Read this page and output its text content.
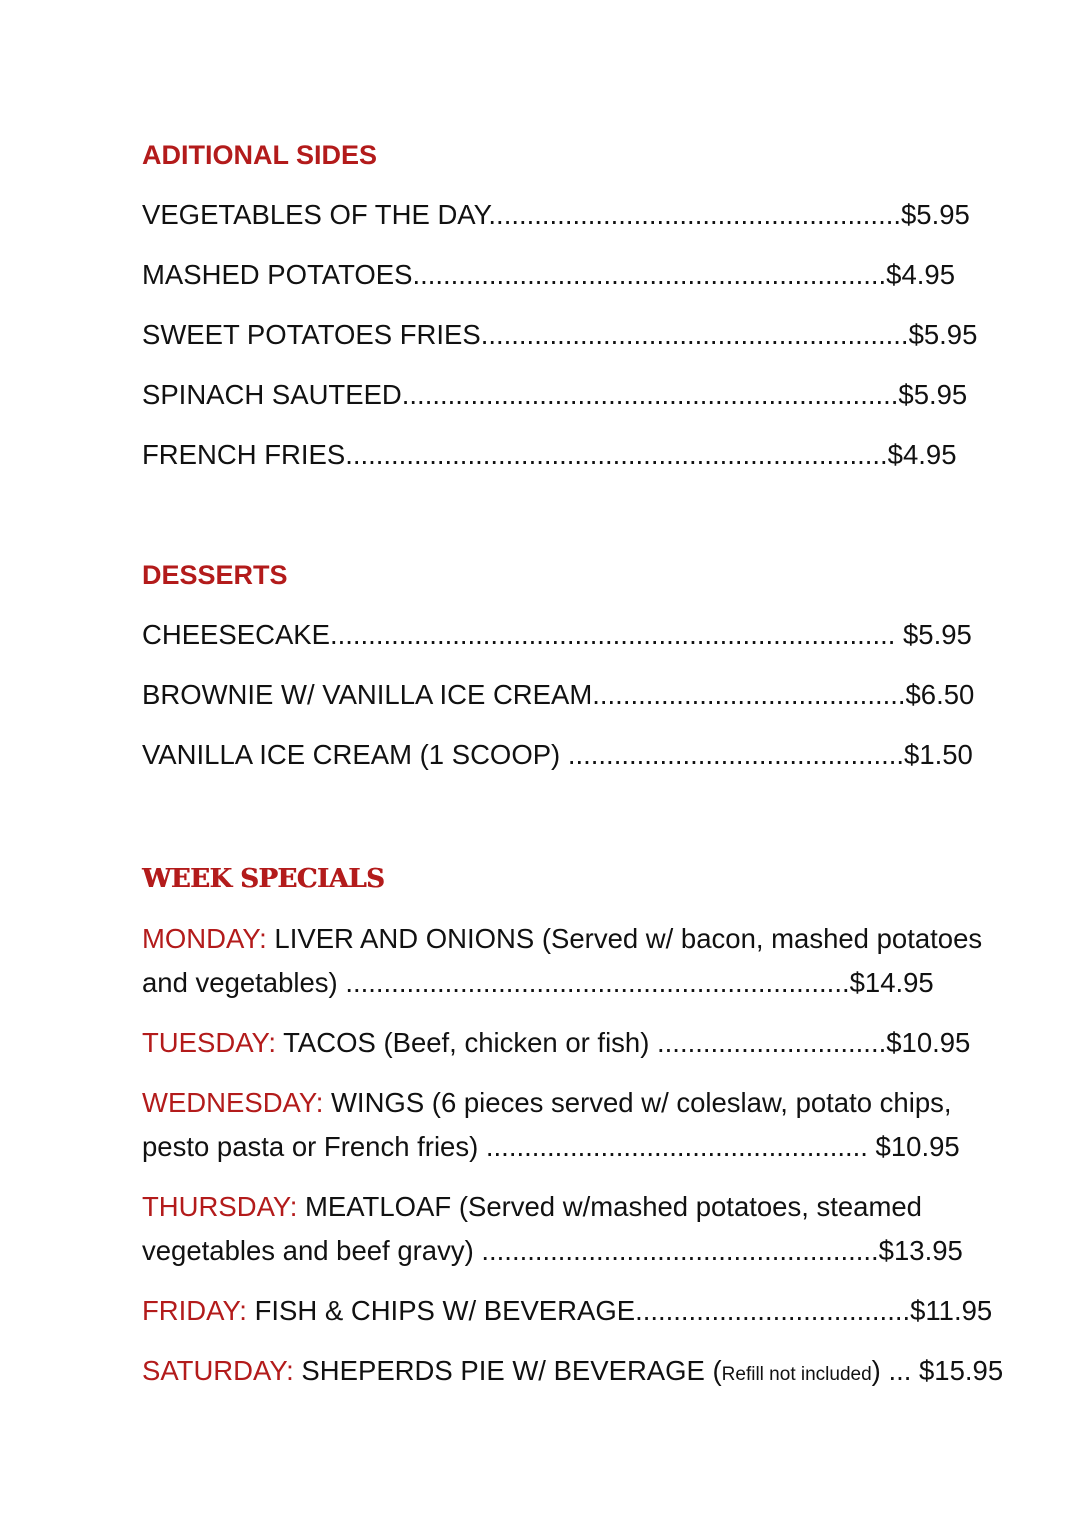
ADITIONAL SIDES

VEGETABLES OF THE DAY......................................................$5.95

MASHED POTATOES..............................................................$4.95

SWEET POTATOES FRIES........................................................$5.95

SPINACH SAUTEED.................................................................$5.95

FRENCH FRIES.......................................................................$4.95

DESSERTS

CHEESECAKE.......................................................................... $5.95

BROWNIE W/ VANILLA ICE CREAM.........................................$6.50

VANILLA ICE CREAM (1 SCOOP) ............................................$1.50

WEEK SPECIALS

MONDAY: LIVER AND ONIONS (Served w/ bacon, mashed potatoes

and vegetables) ..................................................................$14.95

TUESDAY: TACOS (Beef, chicken or fish) ..............................$10.95

WEDNESDAY: WINGS (6 pieces served w/ coleslaw, potato chips,

pesto pasta or French fries) .................................................. $10.95

THURSDAY: MEATLOAF (Served w/mashed potatoes, steamed

vegetables and beef gravy) ....................................................$13.95

FRIDAY: FISH & CHIPS W/ BEVERAGE....................................$11.95

SATURDAY: SHEPERDS PIE W/ BEVERAGE (Refill not included) ... $15.95
